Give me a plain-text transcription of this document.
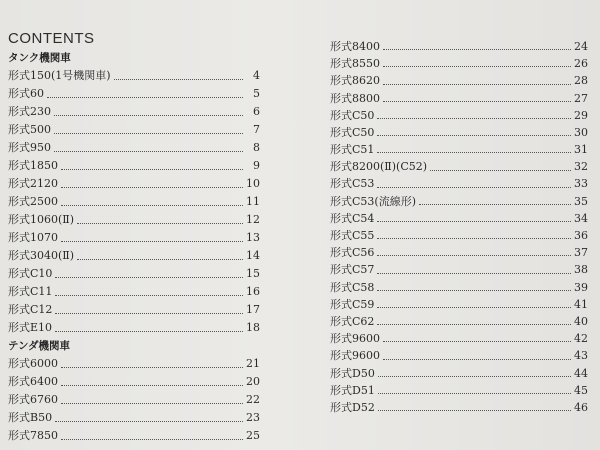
CONTENTS
タンク機関車
形式150(1号機関車)	4
形式60	5
形式230	6
形式500	7
形式950	8
形式1850	9
形式2120	10
形式2500	11
形式1060(Ⅱ)	12
形式1070	13
形式3040(Ⅱ)	14
形式C10	15
形式C11	16
形式C12	17
形式E10	18
テンダ機関車
形式6000	21
形式6400	20
形式6760	22
形式B50	23
形式7850	25
形式8400	24
形式8550	26
形式8620	28
形式8800	27
形式C50	29
形式C50	30
形式C51	31
形式8200(Ⅱ)(C52)	32
形式C53	33
形式C53(流線形)	35
形式C54	34
形式C55	36
形式C56	37
形式C57	38
形式C58	39
形式C59	41
形式C62	40
形式9600	42
形式9600	43
形式D50	44
形式D51	45
形式D52	46
